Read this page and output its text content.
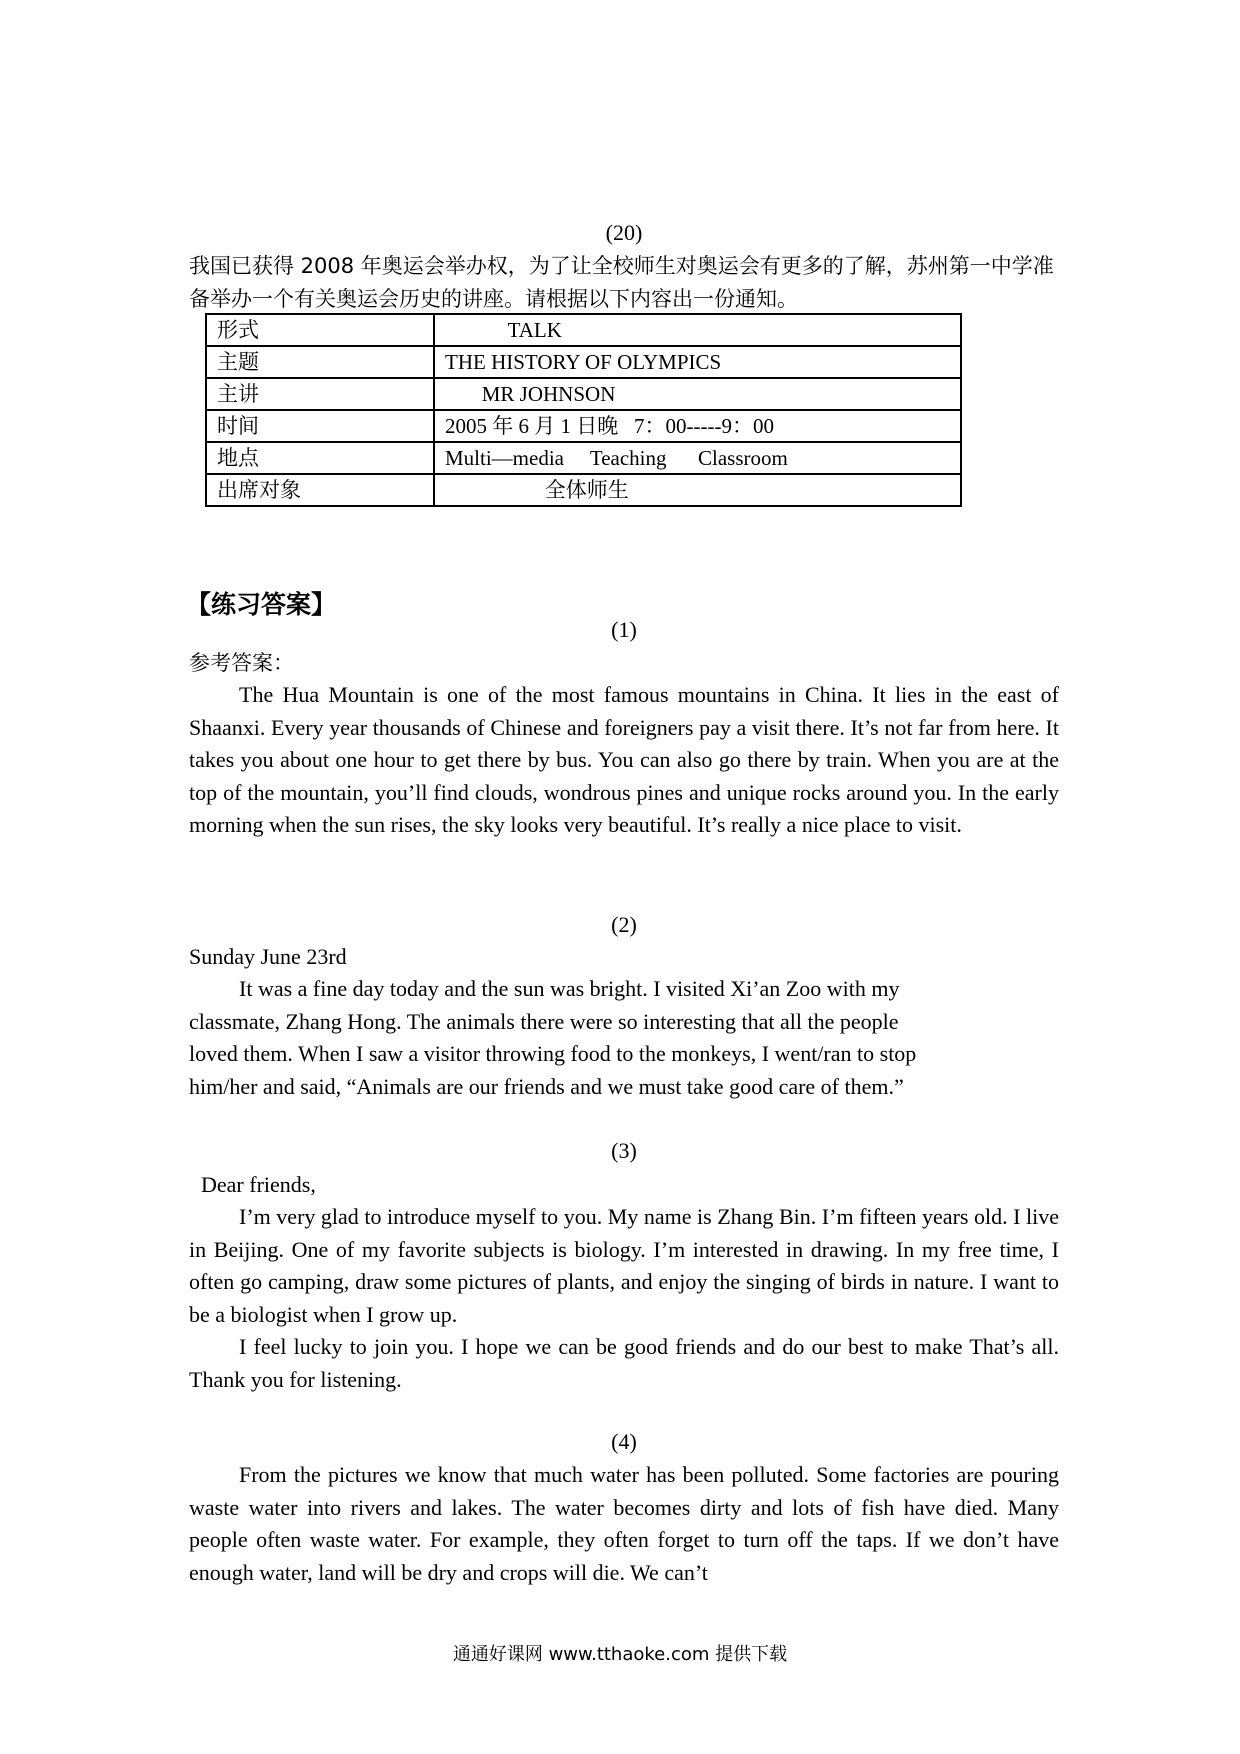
(20)
我国已获得 2008 年奥运会举办权，为了让全校师生对奥运会有更多的了解，苏州第一中学准备举办一个有关奥运会历史的讲座。请根据以下内容出一份通知。
形式	TALK
主题	THE HISTORY OF OLYMPICS
主讲	MR JOHNSON
时间	2005 年 6 月 1 日晚   7：00-----9：00
地点	Multi—media     Teaching      Classroom
出席对象	全体师生
【练习答案】
(1)
参考答案：

The Hua Mountain is one of the most famous mountains in China. It lies in the east of Shaanxi. Every year thousands of Chinese and foreigners pay a visit there. It’s not far from here. It takes you about one hour to get there by bus. You can also go there by train. When you are at the top of the mountain, you’ll find clouds, wondrous pines and unique rocks around you. In the early morning when the sun rises, the sky looks very beautiful. It’s really a nice place to visit.

(2)
Sunday June 23rd

It was a fine day today and the sun was bright. I visited Xi’an Zoo with my

classmate, Zhang Hong. The animals there were so interesting that all the people

loved them. When I saw a visitor throwing food to the monkeys, I went/ran to stop

him/her and said, “Animals are our friends and we must take good care of them.”

(3)
Dear friends,

I’m very glad to introduce myself to you. My name is Zhang Bin. I’m fifteen years old. I live in Beijing. One of my favorite subjects is biology. I’m interested in drawing. In my free time, I often go camping, draw some pictures of plants, and enjoy the singing of birds in nature. I want to be a biologist when I grow up.

I feel lucky to join you. I hope we can be good friends and do our best to make That’s all. Thank you for listening.

(4)

From the pictures we know that much water has been polluted. Some factories are pouring waste water into rivers and lakes. The water becomes dirty and lots of fish have died. Many people often waste water. For example, they often forget to turn off the taps. If we don’t have enough water, land will be dry and crops will die. We can’t

通通好课网 www.tthaoke.com 提供下载
